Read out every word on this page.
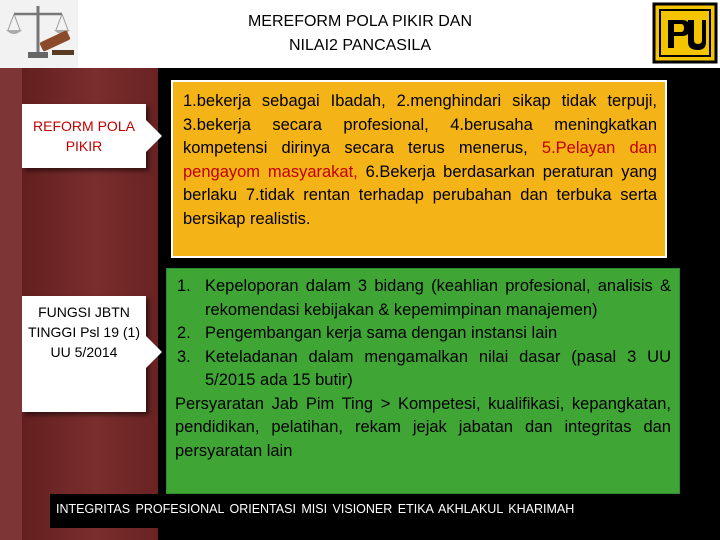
MEREFORM POLA PIKIR DAN
NILAI2 PANCASILA
REFORM POLA PIKIR
FUNGSI JBTN TINGGI Psl 19 (1) UU 5/2014
1.bekerja sebagai Ibadah, 2.menghindari sikap tidak terpuji, 3.bekerja secara profesional, 4.berusaha meningkatkan kompetensi dirinya secara terus menerus, 5.Pelayan dan pengayom masyarakat, 6.Bekerja berdasarkan peraturan yang berlaku 7.tidak rentan terhadap perubahan dan terbuka serta bersikap realistis.
1. Kepeloporan dalam 3 bidang (keahlian profesional, analisis & rekomendasi kebijakan & kepemimpinan manajemen)
2. Pengembangan kerja sama dengan instansi lain
3. Keteladanan dalam mengamalkan nilai dasar (pasal 3 UU 5/2015 ada 15 butir)
Persyaratan Jab Pim Ting > Kompetesi, kualifikasi, kepangkatan, pendidikan, pelatihan, rekam jejak jabatan dan integritas dan persyaratan lain
INTEGRITAS PROFESIONAL ORIENTASI MISI VISIONER ETIKA AKHLAKUL KHARIMAH
